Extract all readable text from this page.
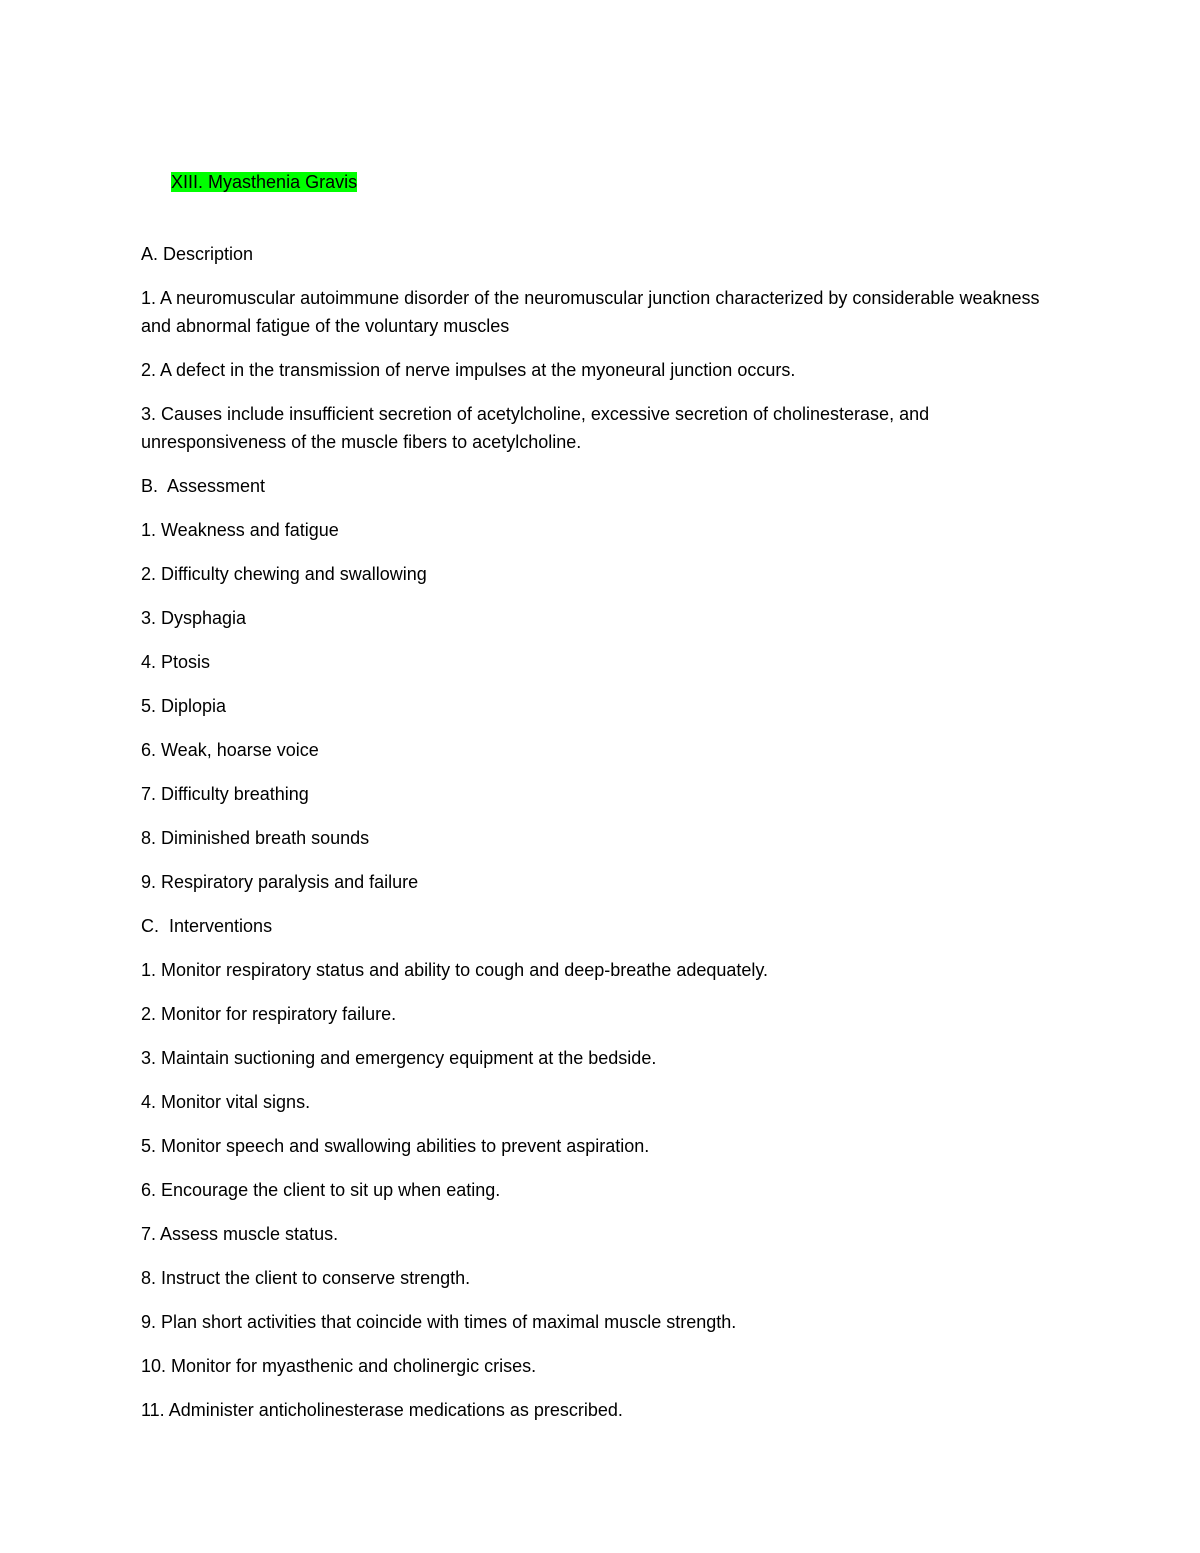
XIII. Myasthenia Gravis

A. Description
1. A neuromuscular autoimmune disorder of the neuromuscular junction characterized by considerable weakness and abnormal fatigue of the voluntary muscles
2. A defect in the transmission of nerve impulses at the myoneural junction occurs.
3. Causes include insufficient secretion of acetylcholine, excessive secretion of cholinesterase, and unresponsiveness of the muscle fibers to acetylcholine.
B.  Assessment
1. Weakness and fatigue
2. Difficulty chewing and swallowing
3. Dysphagia
4. Ptosis
5. Diplopia
6. Weak, hoarse voice
7. Difficulty breathing
8. Diminished breath sounds
9. Respiratory paralysis and failure
C.  Interventions
1. Monitor respiratory status and ability to cough and deep-breathe adequately.
2. Monitor for respiratory failure.
3. Maintain suctioning and emergency equipment at the bedside.
4. Monitor vital signs.
5. Monitor speech and swallowing abilities to prevent aspiration.
6. Encourage the client to sit up when eating.
7. Assess muscle status.
8. Instruct the client to conserve strength.
9. Plan short activities that coincide with times of maximal muscle strength.
10. Monitor for myasthenic and cholinergic crises.
11. Administer anticholinesterase medications as prescribed.
